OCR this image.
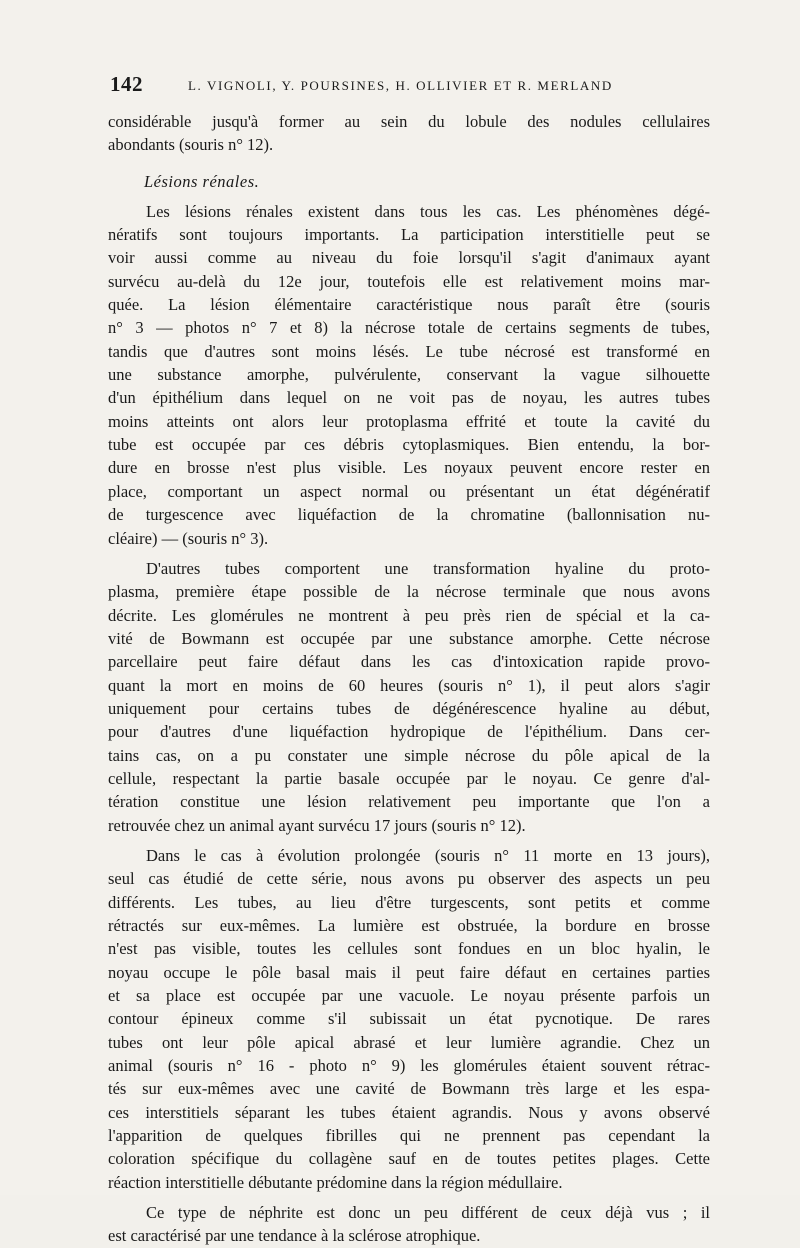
142	L. VIGNOLI, Y. POURSINES, H. OLLIVIER ET R. MERLAND
considérable jusqu'à former au sein du lobule des nodules cellulaires
abondants (souris n° 12).
Lésions rénales.
Les lésions rénales existent dans tous les cas. Les phénomènes dégé-
nératifs sont toujours importants. La participation interstitielle peut se
voir aussi comme au niveau du foie lorsqu'il s'agit d'animaux ayant
survécu au-delà du 12e jour, toutefois elle est relativement moins mar-
quée. La lésion élémentaire caractéristique nous paraît être (souris
n° 3 — photos n° 7 et 8) la nécrose totale de certains segments de tubes,
tandis que d'autres sont moins lésés. Le tube nécrosé est transformé en
une substance amorphe, pulvérulente, conservant la vague silhouette
d'un épithélium dans lequel on ne voit pas de noyau, les autres tubes
moins atteints ont alors leur protoplasma effrité et toute la cavité du
tube est occupée par ces débris cytoplasmiques. Bien entendu, la bor-
dure en brosse n'est plus visible. Les noyaux peuvent encore rester en
place, comportant un aspect normal ou présentant un état dégénératif
de turgescence avec liquéfaction de la chromatine (ballonnisation nu-
cléaire) — (souris n° 3).
D'autres tubes comportent une transformation hyaline du proto-
plasma, première étape possible de la nécrose terminale que nous avons
décrite. Les glomérules ne montrent à peu près rien de spécial et la ca-
vité de Bowmann est occupée par une substance amorphe. Cette nécrose
parcellaire peut faire défaut dans les cas d'intoxication rapide provo-
quant la mort en moins de 60 heures (souris n° 1), il peut alors s'agir
uniquement pour certains tubes de dégénérescence hyaline au début,
pour d'autres d'une liquéfaction hydropique de l'épithélium. Dans cer-
tains cas, on a pu constater une simple nécrose du pôle apical de la
cellule, respectant la partie basale occupée par le noyau. Ce genre d'al-
tération constitue une lésion relativement peu importante que l'on a
retrouvée chez un animal ayant survécu 17 jours (souris n° 12).
Dans le cas à évolution prolongée (souris n° 11 morte en 13 jours),
seul cas étudié de cette série, nous avons pu observer des aspects un peu
différents. Les tubes, au lieu d'être turgescents, sont petits et comme
rétractés sur eux-mêmes. La lumière est obstruée, la bordure en brosse
n'est pas visible, toutes les cellules sont fondues en un bloc hyalin, le
noyau occupe le pôle basal mais il peut faire défaut en certaines parties
et sa place est occupée par une vacuole. Le noyau présente parfois un
contour épineux comme s'il subissait un état pycnotique. De rares
tubes ont leur pôle apical abrasé et leur lumière agrandie. Chez un
animal (souris n° 16 - photo n° 9) les glomérules étaient souvent rétrac-
tés sur eux-mêmes avec une cavité de Bowmann très large et les espa-
ces interstitiels séparant les tubes étaient agrandis. Nous y avons observé
l'apparition de quelques fibrilles qui ne prennent pas cependant la
coloration spécifique du collagène sauf en de toutes petites plages. Cette
réaction interstitielle débutante prédomine dans la région médullaire.
Ce type de néphrite est donc un peu différent de ceux déjà vus ; il
est caractérisé par une tendance à la sclérose atrophique.
